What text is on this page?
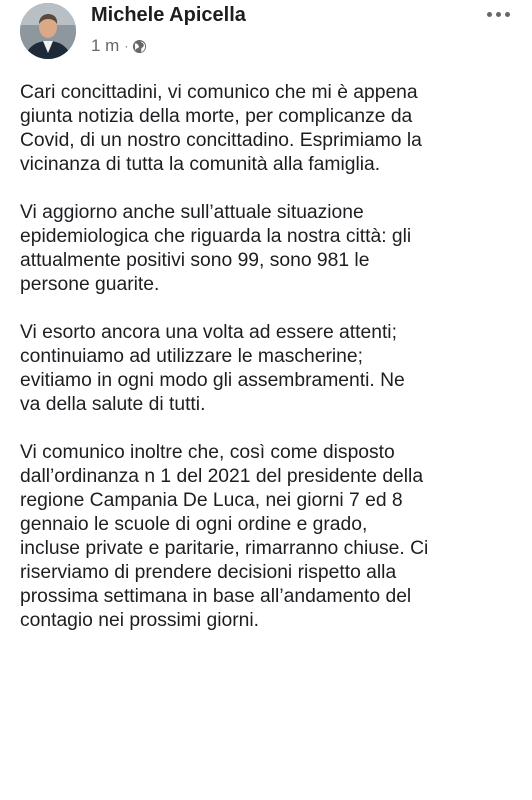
Michele Apicella
1 m ·

Cari concittadini, vi comunico che mi è appena
giunta notizia della morte, per complicanze da
Covid, di un nostro concittadino. Esprimiamo la
vicinanza di tutta la comunità alla famiglia.

Vi aggiorno anche sull’attuale situazione
epidemiologica che riguarda la nostra città: gli
attualmente positivi sono 99, sono 981 le
persone guarite.

Vi esorto ancora una volta ad essere attenti;
continuiamo ad utilizzare le mascherine;
evitiamo in ogni modo gli assembramenti. Ne
va della salute di tutti.

Vi comunico inoltre che, così come disposto
dall’ordinanza n 1 del 2021 del presidente della
regione Campania De Luca, nei giorni 7 ed 8
gennaio le scuole di ogni ordine e grado,
incluse private e paritarie, rimarranno chiuse. Ci
riserviamo di prendere decisioni rispetto alla
prossima settimana in base all’andamento del
contagio nei prossimi giorni.
